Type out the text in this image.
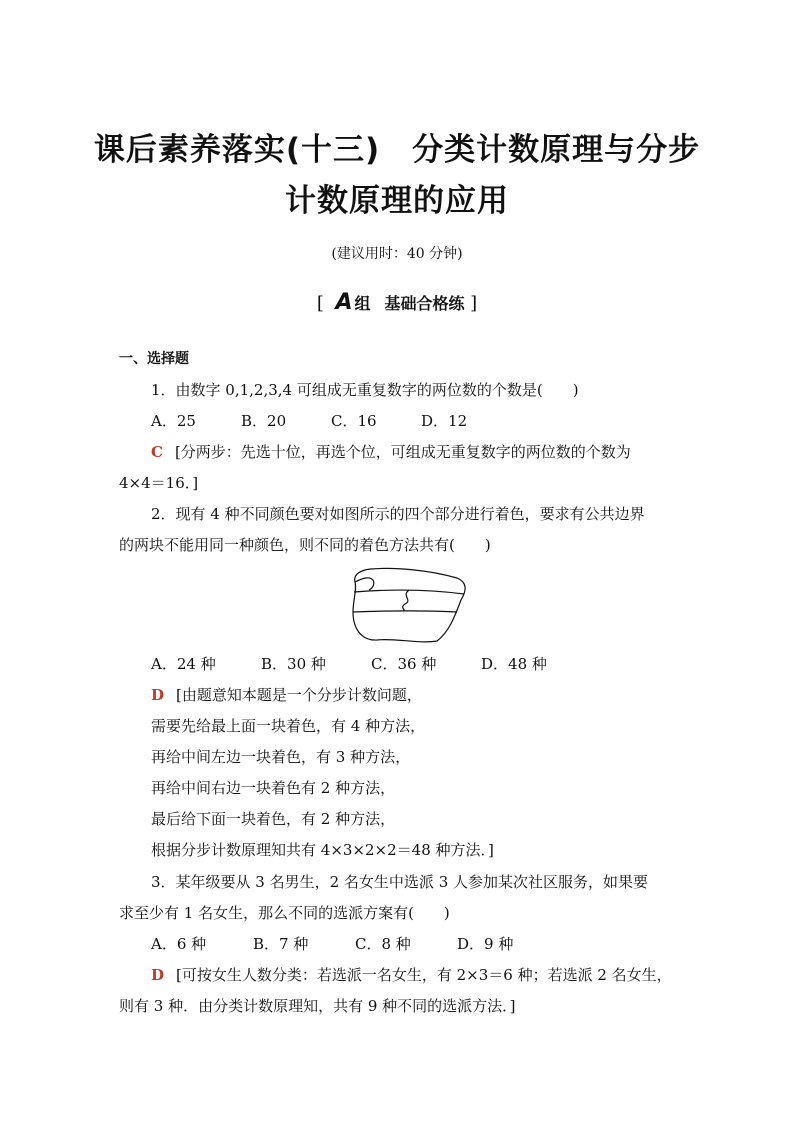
课后素养落实(十三)　分类计数原理与分步
计数原理的应用
(建议用时：40 分钟)
[ A 组 基础合格练 ]
一、选择题
1．由数字 0,1,2,3,4 可组成无重复数字的两位数的个数是(　　)
A．25	B．20	C．16	D．12
C [分两步：先选十位，再选个位，可组成无重复数字的两位数的个数为
4×4＝16．]
2．现有 4 种不同颜色要对如图所示的四个部分进行着色，要求有公共边界
的两块不能用同一种颜色，则不同的着色方法共有(　　)
A．24 种	B．30 种	C．36 种	D．48 种
D [由题意知本题是一个分步计数问题，
需要先给最上面一块着色，有 4 种方法，
再给中间左边一块着色，有 3 种方法，
再给中间右边一块着色有 2 种方法，
最后给下面一块着色，有 2 种方法，
根据分步计数原理知共有 4×3×2×2＝48 种方法．]
3．某年级要从 3 名男生，2 名女生中选派 3 人参加某次社区服务，如果要
求至少有 1 名女生，那么不同的选派方案有(　　)
A．6 种	B．7 种	C．8 种	D．9 种
D [可按女生人数分类：若选派一名女生，有 2×3＝6 种；若选派 2 名女生，
则有 3 种．由分类计数原理知，共有 9 种不同的选派方法．]
